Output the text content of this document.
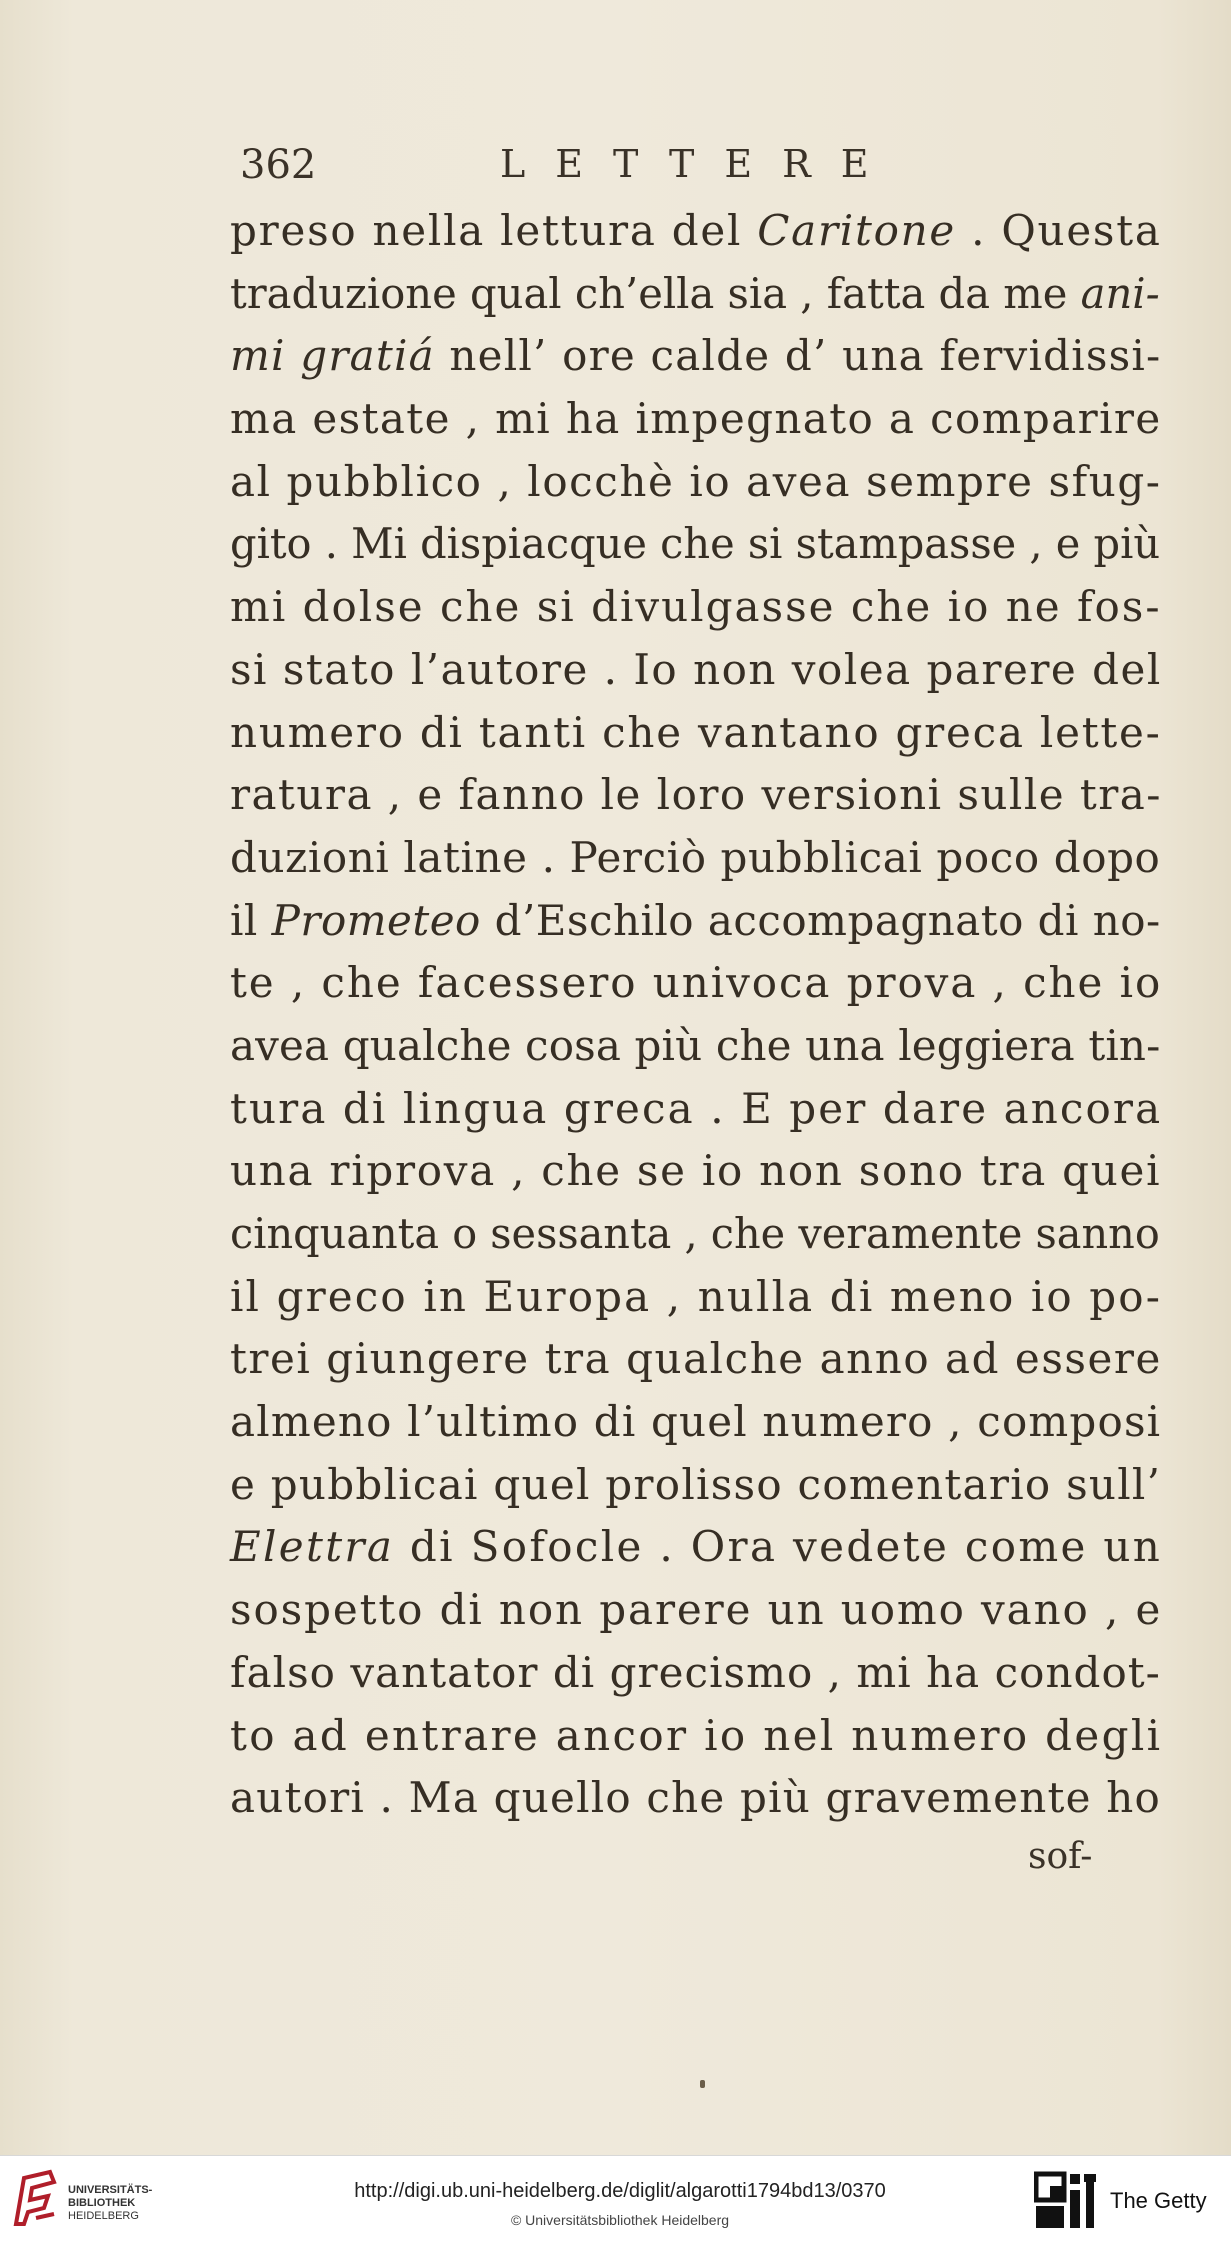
362	LETTERE
preso nella lettura del Caritone . Questa
traduzione qual ch’ella sia , fatta da me ani-
mi gratiá nell’ ore calde d’ una fervidissi-
ma estate , mi ha impegnato a comparire
al pubblico , locchè io avea sempre sfug-
gito . Mi dispiacque che si stampasse , e più
mi dolse che si divulgasse che io ne fos-
si stato l’autore . Io non volea parere del
numero di tanti che vantano greca lette-
ratura , e fanno le loro versioni sulle tra-
duzioni latine . Perciò pubblicai poco dopo
il Prometeo d’Eschilo accompagnato di no-
te , che facessero univoca prova , che io
avea qualche cosa più che una leggiera tin-
tura di lingua greca . E per dare ancora
una riprova , che se io non sono tra quei
cinquanta o sessanta , che veramente sanno
il greco in Europa , nulla di meno io po-
trei giungere tra qualche anno ad essere
almeno l’ultimo di quel numero , composi
e pubblicai quel prolisso comentario sull’
Elettra di Sofocle . Ora vedete come un
sospetto di non parere un uomo vano , e
falso vantator di grecismo , mi ha condot-
to ad entrare ancor io nel numero degli
autori . Ma quello che più gravemente ho
sof-
UNIVERSITÄTS-
BIBLIOTHEK
HEIDELBERG
http://digi.ub.uni-heidelberg.de/diglit/algarotti1794bd13/0370
© Universitätsbibliothek Heidelberg
The Getty
